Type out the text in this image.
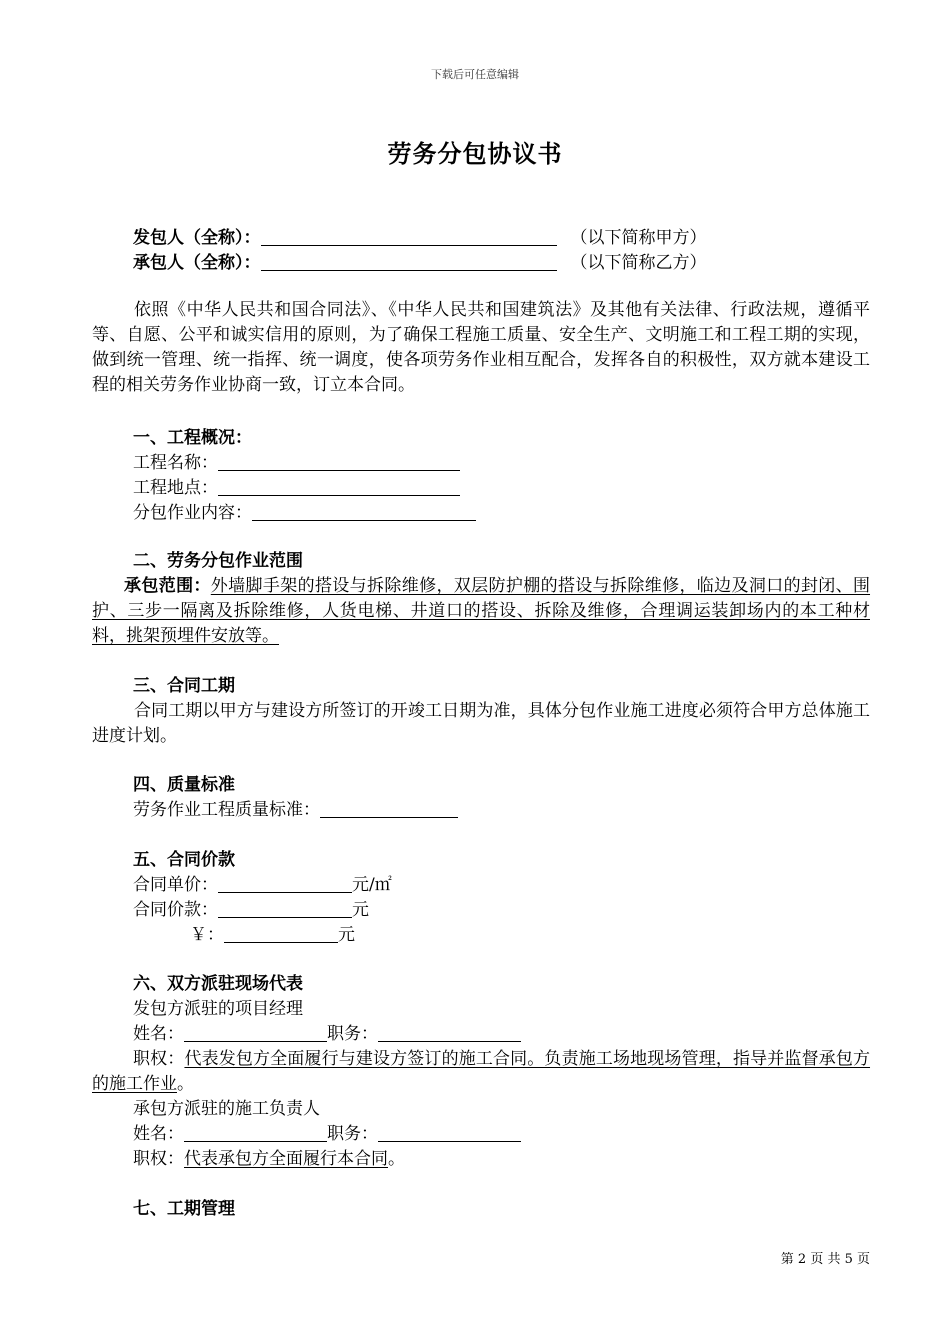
下载后可任意编辑
劳务分包协议书
发包人（全称）：	（以下简称甲方）
承包人（全称）：	（以下简称乙方）
依照《中华人民共和国合同法》、《中华人民共和国建筑法》及其他有关法律、行政法规，遵循平等、自愿、公平和诚实信用的原则，为了确保工程施工质量、安全生产、文明施工和工程工期的实现，做到统一管理、统一指挥、统一调度，使各项劳务作业相互配合，发挥各自的积极性，双方就本建设工程的相关劳务作业协商一致，订立本合同。
一、工程概况：
工程名称：
工程地点：
分包作业内容：
二、劳务分包作业范围
承包范围：外墙脚手架的搭设与拆除维修，双层防护棚的搭设与拆除维修，临边及洞口的封闭、围护、三步一隔离及拆除维修，人货电梯、井道口的搭设、拆除及维修，合理调运装卸场内的本工种材料，挑架预埋件安放等。
三、合同工期
合同工期以甲方与建设方所签订的开竣工日期为准，具体分包作业施工进度必须符合甲方总体施工进度计划。
四、质量标准
劳务作业工程质量标准：
五、合同价款
合同单价：	元/㎡
合同价款：	元
￥：	元
六、双方派驻现场代表
发包方派驻的项目经理
姓名：	职务：
职权：代表发包方全面履行与建设方签订的施工合同。负责施工场地现场管理，指导并监督承包方的施工作业。
承包方派驻的施工负责人
姓名：	职务：
职权：代表承包方全面履行本合同。
七、工期管理
第 2 页 共 5 页
